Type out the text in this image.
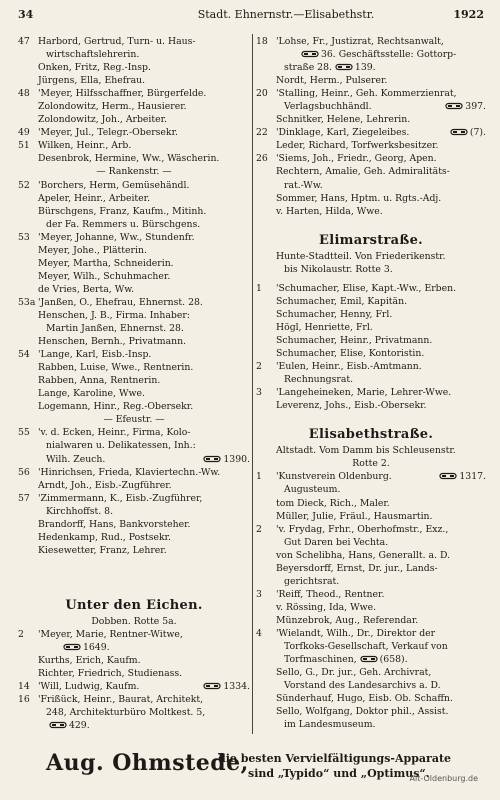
34	Stadt. Ehnernstr.—Elisabethstr.	1922
47 Harbord, Gertrud, Turn- u. Haus-
wirtschaftslehrerin.
Onken, Fritz, Reg.-Insp.
Jürgens, Ella, Ehefrau.
48 'Meyer, Hilfsschaffner, Bürgerfelde.
Zolondowitz, Herm., Hausierer.
Zolondowitz, Joh., Arbeiter.
49 'Meyer, Jul., Telegr.-Obersekr.
51 Wilken, Heinr., Arb.
Desenbrok, Hermine, Ww., Wäscherin.
— Rankenstr. —
52 'Borchers, Herm, Gemüsehändl.
Apeler, Heinr., Arbeiter.
Bürschgens, Franz, Kaufm., Mitinh.
der Fa. Remmers u. Bürschgens.
53 'Meyer, Johanne, Ww., Stundenfr.
Meyer, Johe., Plätterin.
Meyer, Martha, Schneiderin.
Meyer, Wilh., Schuhmacher.
de Vries, Berta, Ww.
53a 'Janßen, O., Ehefrau, Ehnernst. 28.
Henschen, J. B., Firma. Inhaber:
Martin Janßen, Ehnernst. 28.
Henschen, Bernh., Privatmann.
54 'Lange, Karl, Eisb.-Insp.
Rabben, Luise, Wwe., Rentnerin.
Rabben, Anna, Rentnerin.
Lange, Karoline, Wwe.
Logemann, Hinr., Reg.-Obersekr.
— Efeustr. —
55 'v. d. Ecken, Heinr., Firma, Kolo-
nialwaren u. Delikatessen, Inh.:
1390.
Wilh. Zeuch.
56 'Hinrichsen, Frieda, Klaviertechn.-Ww.
Arndt, Joh., Eisb.-Zugführer.
57 'Zimmermann, K., Eisb.-Zugführer,
Kirchhoffst. 8.
Brandorff, Hans, Bankvorsteher.
Hedenkamp, Rud., Postsekr.
Kiesewetter, Franz, Lehrer.
Unter den Eichen.
Dobben. Rotte 5a.
2 'Meyer, Marie, Rentner-Witwe,
1649.
Kurths, Erich, Kaufm.
Richter, Friedrich, Studienass.
1334.
14 'Will, Ludwig, Kaufm.
16 'Frißück, Heinr., Baurat, Architekt,
248, Architekturbüro Moltkest. 5,
429.
18 'Lohse, Fr., Justizrat, Rechtsanwalt,
36. Geschäftsstelle: Gottorp-
straße 28. 139.
Nordt, Herm., Pulserer.
20 'Stalling, Heinr., Geh. Kommerzienrat,
397.
Verlagsbuchhändl.
Schnitker, Helene, Lehrerin.
(7).
22 'Dinklage, Karl, Ziegeleibes.
Leder, Richard, Torfwerksbesitzer.
26 'Siems, Joh., Friedr., Georg, Apen.
Rechtern, Amalie, Geh. Admiralitäts-
rat.-Ww.
Sommer, Hans, Hptm. u. Rgts.-Adj.
v. Harten, Hilda, Wwe.
Elimarstraße.
Hunte-Stadtteil. Von Friederikenstr.
bis Nikolaustr. Rotte 3.
1 'Schumacher, Elise, Kapt.-Ww., Erben.
Schumacher, Emil, Kapitän.
Schumacher, Henny, Frl.
Högl, Henriette, Frl.
Schumacher, Heinr., Privatmann.
Schumacher, Elise, Kontoristin.
2 'Eulen, Heinr., Eisb.-Amtmann.
Rechnungsrat.
3 'Langeheineken, Marie, Lehrer-Wwe.
Leverenz, Johs., Eisb.-Obersekr.
Elisabethstraße.
Altstadt. Vom Damm bis Schleusenstr.
Rotte 2.
1317.
1 'Kunstverein Oldenburg.
Augusteum.
tom Dieck, Rich., Maler.
Müller, Julie, Fräul., Hausmartin.
2 'v. Frydag, Frhr., Oberhofmstr., Exz.,
Gut Daren bei Vechta.
von Schelibha, Hans, Generallt. a. D.
Beyersdorff, Ernst, Dr. jur., Lands-
gerichtsrat.
3 'Reiff, Theod., Rentner.
v. Rössing, Ida, Wwe.
Münzebrok, Aug., Referendar.
4 'Wielandt, Wilh., Dr., Direktor der
Torfkoks-Gesellschaft, Verkauf von
Torfmaschinen, (658).
Sello, G., Dr. jur., Geh. Archivrat,
Vorstand des Landesarchivs a. D.
Sünderhauf, Hugo, Eisb. Ob. Schaffn.
Sello, Wolfgang, Doktor phil., Assist.
im Landesmuseum.
Aug. Ohmstede,
die besten Vervielfältigungs-Apparate
sind „Typido“ und „Optimus“.
Alt-Oldenburg.de
